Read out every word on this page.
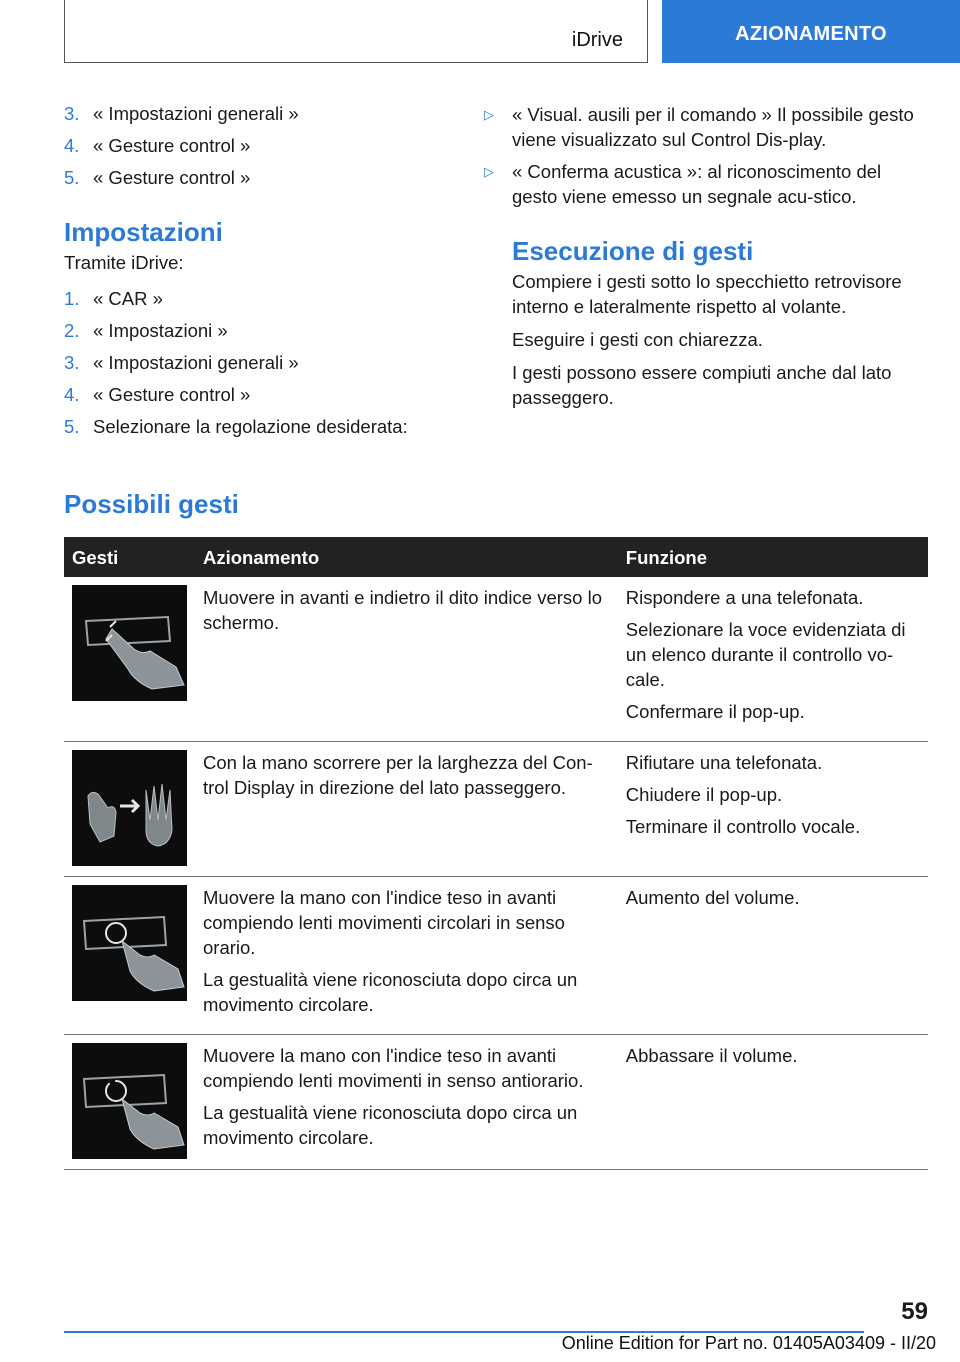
iDrive	AZIONAMENTO
3. « Impostazioni generali »
4. « Gesture control »
5. « Gesture control »
Impostazioni

Tramite iDrive:

1. « CAR »
2. « Impostazioni »
3. « Impostazioni generali »
4. « Gesture control »
5. Selezionare la regolazione desiderata:
▷ « Visual. ausili per il comando » Il possibile gesto viene visualizzato sul Control Dis-play.
▷ « Conferma acustica »: al riconoscimento del gesto viene emesso un segnale acu-stico.
Esecuzione di gesti

Compiere i gesti sotto lo specchietto retrovisore interno e lateralmente rispetto al volante.

Eseguire i gesti con chiarezza.

I gesti possono essere compiuti anche dal lato passeggero.

Possibili gesti
Gesti	Azionamento	Funzione

Muovere in avanti e indietro il dito indice verso lo schermo.	Rispondere a una telefonata.

Selezionare la voce evidenziata di un elenco durante il controllo vo-cale.

Confermare il pop-up.

Con la mano scorrere per la larghezza del Con-trol Display in direzione del lato passeggero.	Rifiutare una telefonata.

Chiudere il pop-up.

Terminare il controllo vocale.

Muovere la mano con l'indice teso in avanti compiendo lenti movimenti circolari in senso orario.

La gestualità viene riconosciuta dopo circa un movimento circolare.	Aumento del volume.

Muovere la mano con l'indice teso in avanti compiendo lenti movimenti in senso antiorario.

La gestualità viene riconosciuta dopo circa un movimento circolare.	Abbassare il volume.

59
Online Edition for Part no. 01405A03409 - II/20
